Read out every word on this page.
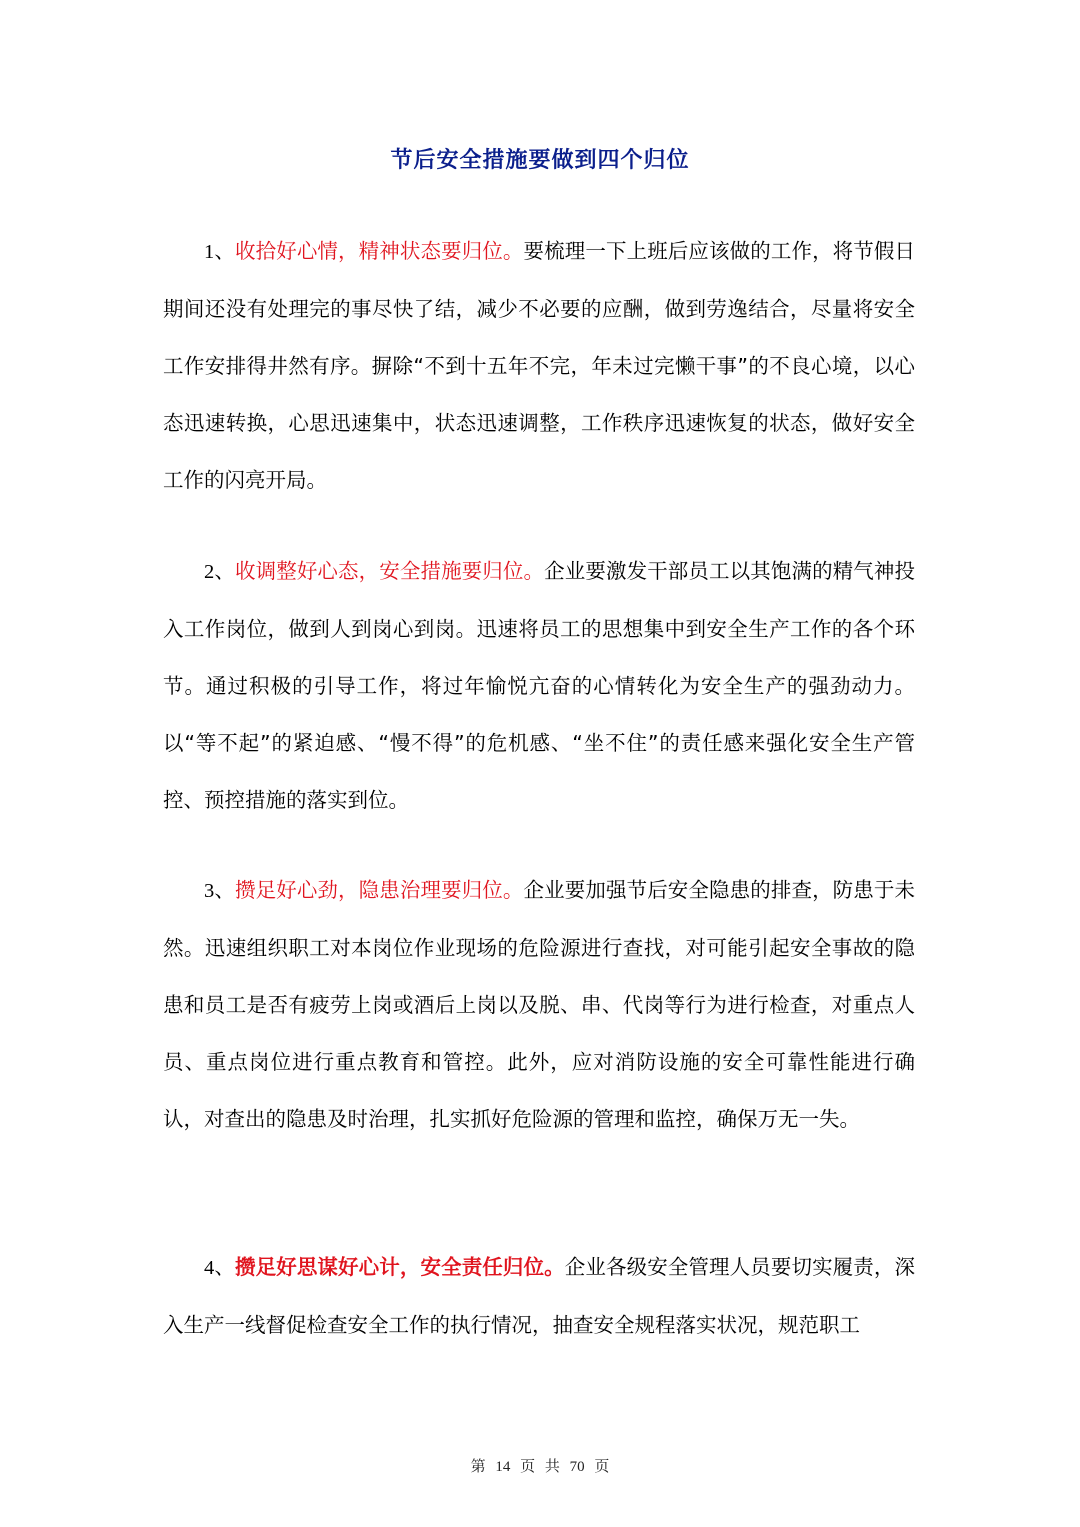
节后安全措施要做到四个归位
1、收拾好心情，精神状态要归位。要梳理一下上班后应该做的工作，将节假日期间还没有处理完的事尽快了结，减少不必要的应酬，做到劳逸结合，尽量将安全工作安排得井然有序。摒除“不到十五年不完，年未过完懒干事”的不良心境，以心态迅速转换，心思迅速集中，状态迅速调整，工作秩序迅速恢复的状态，做好安全工作的闪亮开局。
2、收调整好心态，安全措施要归位。企业要激发干部员工以其饱满的精气神投入工作岗位，做到人到岗心到岗。迅速将员工的思想集中到安全生产工作的各个环节。通过积极的引导工作，将过年愉悦亢奋的心情转化为安全生产的强劲动力。以“等不起”的紧迫感、“慢不得”的危机感、“坐不住”的责任感来强化安全生产管控、预控措施的落实到位。
3、攒足好心劲，隐患治理要归位。企业要加强节后安全隐患的排查，防患于未然。迅速组织职工对本岗位作业现场的危险源进行查找，对可能引起安全事故的隐患和员工是否有疲劳上岗或酒后上岗以及脱、串、代岗等行为进行检查，对重点人员、重点岗位进行重点教育和管控。此外，应对消防设施的安全可靠性能进行确认，对查出的隐患及时治理，扎实抓好危险源的管理和监控，确保万无一失。
4、攒足好思谋好心计，安全责任归位。企业各级安全管理人员要切实履责，深入生产一线督促检查安全工作的执行情况，抽查安全规程落实状况，规范职工
第 14 页 共 70 页
